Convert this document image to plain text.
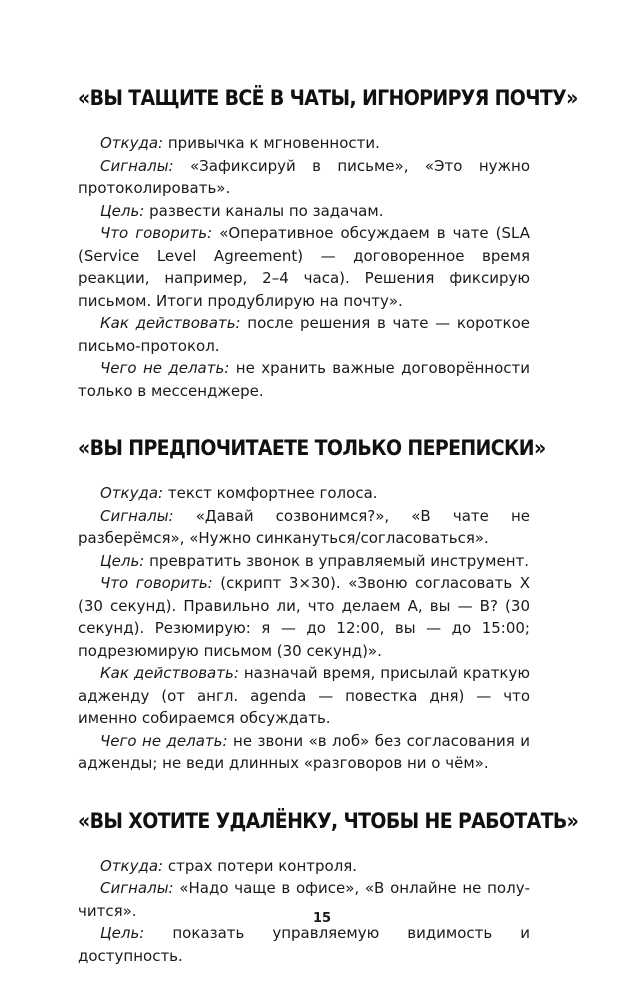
«ВЫ ТАЩИТЕ ВСЁ В ЧАТЫ, ИГНОРИРУЯ ПОЧТУ»

Откуда: привычка к мгновенности.

Сигналы: «Зафиксируй в письме», «Это нужно протоколировать».

Цель: развести каналы по задачам.

Что говорить: «Оперативное обсуждаем в чате (SLA (Service Level Agreement) — договоренное время реакции, например, 2–4 часа). Решения фиксирую письмом. Итоги продублирую на почту».

Как действовать: после решения в чате — короткое письмо-протокол.

Чего не делать: не хранить важные договорённости только в мессенджере.

«ВЫ ПРЕДПОЧИТАЕТЕ ТОЛЬКО ПЕРЕПИСКИ»

Откуда: текст комфортнее голоса.

Сигналы: «Давай созвонимся?», «В чате не разберёмся», «Нужно синкануться/согласоваться».

Цель: превратить звонок в управляемый инструмент.

Что говорить: (скрипт 3×30). «Звоню согласовать X (30 секунд). Правильно ли, что делаем A, вы — B? (30 секунд). Резюмирую: я — до 12:00, вы — до 15:00; подрезюмирую письмом (30 секунд)».

Как действовать: назначай время, присылай краткую адженду (от англ. agenda — повестка дня) — что именно собираемся обсуждать.

Чего не делать: не звони «в лоб» без согласования и адженды; не веди длинных «разговоров ни о чём».

«ВЫ ХОТИТЕ УДАЛЁНКУ, ЧТОБЫ НЕ РАБОТАТЬ»

Откуда: страх потери контроля.

Сигналы: «Надо чаще в офисе», «В онлайне не получится».

Цель: показать управляемую видимость и доступность.

15
